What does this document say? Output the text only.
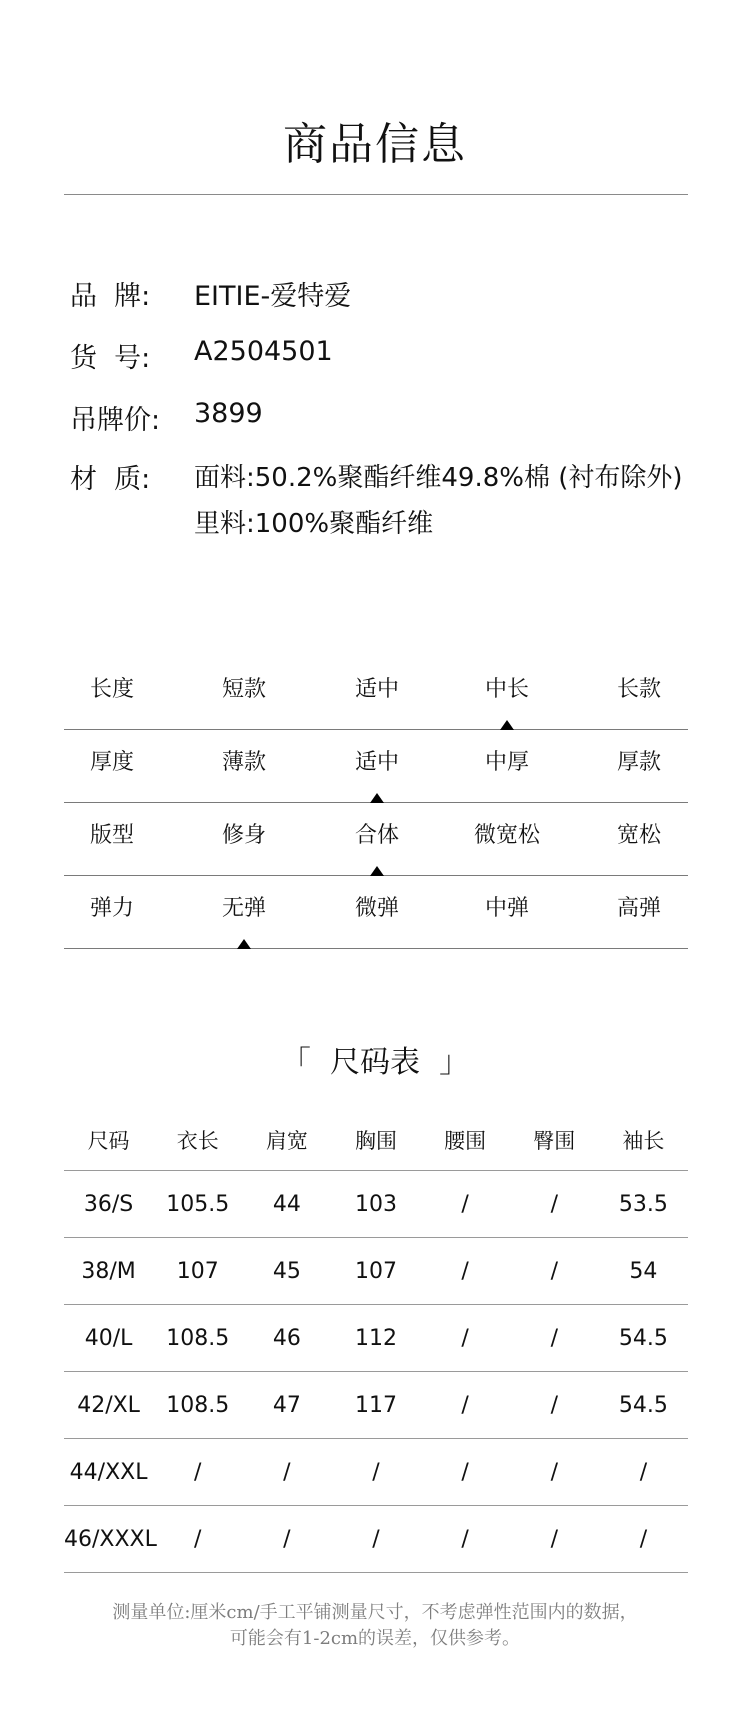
商品信息
品  牌: EITIE-爱特爱
货  号: A2504501
吊牌价: 3899
材  质: 面料:50.2%聚酯纤维49.8%棉 (衬布除外)
里料:100%聚酯纤维
长度	短款	适中	中长	长款
厚度	薄款	适中	中厚	厚款
版型	修身	合体	微宽松	宽松
弹力	无弹	微弹	中弹	高弹
「  尺码表  」
尺码	衣长	肩宽	胸围	腰围	臀围	袖长
36/S	105.5	44	103	/	/	53.5
38/M	107	45	107	/	/	54
40/L	108.5	46	112	/	/	54.5
42/XL	108.5	47	117	/	/	54.5
44/XXL	/	/	/	/	/	/
46/XXXL	/	/	/	/	/	/
测量单位:厘米cm/手工平铺测量尺寸，不考虑弹性范围内的数据，
可能会有1-2cm的误差，仅供参考。
